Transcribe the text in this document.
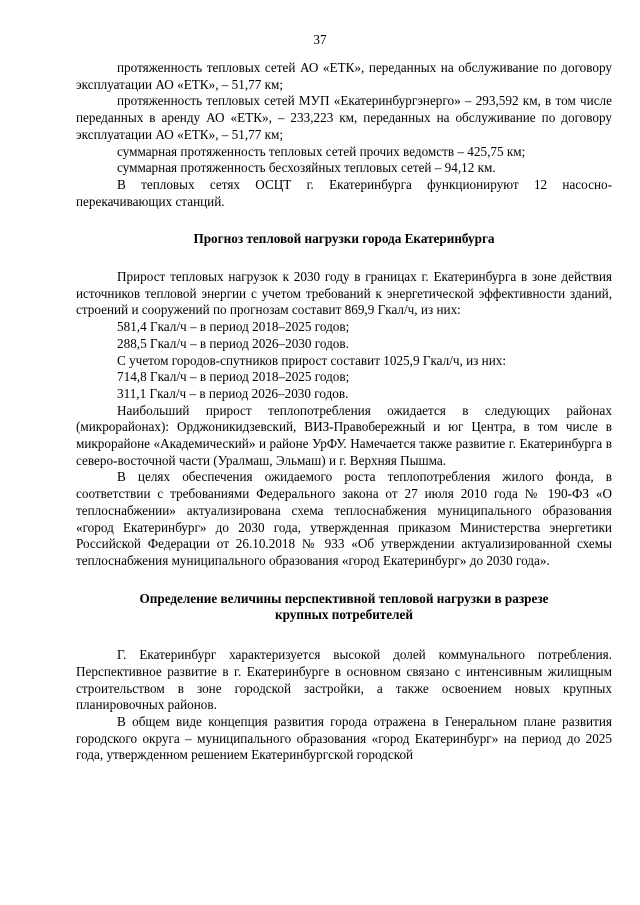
37

протяженность тепловых сетей АО «ЕТК», переданных на обслуживание по договору эксплуатации АО «ЕТК», – 51,77 км;

протяженность тепловых сетей МУП «Екатеринбургэнерго» – 293,592 км, в том числе переданных в аренду АО «ЕТК», – 233,223 км, переданных на обслуживание по договору эксплуатации АО «ЕТК», – 51,77 км;

суммарная протяженность тепловых сетей прочих ведомств – 425,75 км;

суммарная протяженность бесхозяйных тепловых сетей – 94,12 км.

В тепловых сетях ОСЦТ г. Екатеринбурга функционируют 12 насосно-перекачивающих станций.

Прогноз тепловой нагрузки города Екатеринбурга

Прирост тепловых нагрузок к 2030 году в границах г. Екатеринбурга в зоне действия источников тепловой энергии с учетом требований к энергетической эффективности зданий, строений и сооружений по прогнозам составит 869,9 Гкал/ч, из них:

581,4 Гкал/ч – в период 2018–2025 годов;

288,5 Гкал/ч – в период 2026–2030 годов.

С учетом городов-спутников прирост составит 1025,9 Гкал/ч, из них:

714,8 Гкал/ч – в период 2018–2025 годов;

311,1 Гкал/ч – в период 2026–2030 годов.

Наибольший прирост теплопотребления ожидается в следующих районах (микрорайонах): Орджоникидзевский, ВИЗ-Правобережный и юг Центра, в том числе в микрорайоне «Академический» и районе УрФУ. Намечается также развитие г. Екатеринбурга в северо-восточной части (Уралмаш, Эльмаш) и г. Верхняя Пышма.

В целях обеспечения ожидаемого роста теплопотребления жилого фонда, в соответствии с требованиями Федерального закона от 27 июля 2010 года № 190-ФЗ «О теплоснабжении» актуализирована схема теплоснабжения муниципального образования «город Екатеринбург» до 2030 года, утвержденная приказом Министерства энергетики Российской Федерации от 26.10.2018 № 933 «Об утверждении актуализированной схемы теплоснабжения муниципального образования «город Екатеринбург» до 2030 года».

Определение величины перспективной тепловой нагрузки в разрезе
крупных потребителей

Г. Екатеринбург характеризуется высокой долей коммунального потребления. Перспективное развитие в г. Екатеринбурге в основном связано с интенсивным жилищным строительством в зоне городской застройки, а также освоением новых крупных планировочных районов.

В общем виде концепция развития города отражена в Генеральном плане развития городского округа – муниципального образования «город Екатеринбург» на период до 2025 года, утвержденном решением Екатеринбургской городской
